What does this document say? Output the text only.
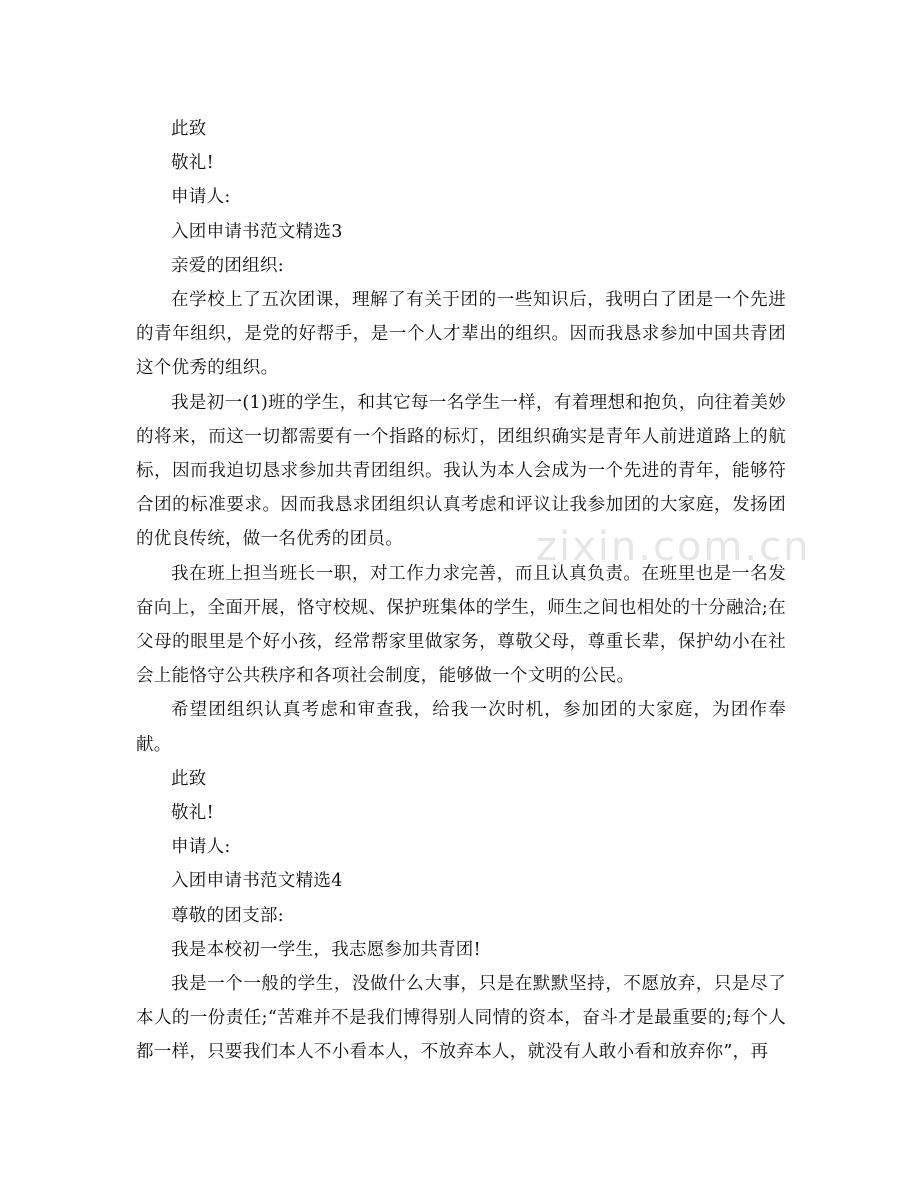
此致
敬礼!
申请人:
入团申请书范文精选3
亲爱的团组织:

在学校上了五次团课，理解了有关于团的一些知识后，我明白了团是一个先进的青年组织，是党的好帮手，是一个人才辈出的组织。因而我恳求参加中国共青团这个优秀的组织。

我是初一(1)班的学生，和其它每一名学生一样，有着理想和抱负，向往着美妙的将来，而这一切都需要有一个指路的标灯，团组织确实是青年人前进道路上的航标，因而我迫切恳求参加共青团组织。我认为本人会成为一个先进的青年，能够符合团的标准要求。因而我恳求团组织认真考虑和评议让我参加团的大家庭，发扬团的优良传统，做一名优秀的团员。

我在班上担当班长一职，对工作力求完善，而且认真负责。在班里也是一名发奋向上，全面开展，恪守校规、保护班集体的学生，师生之间也相处的十分融洽;在父母的眼里是个好小孩，经常帮家里做家务，尊敬父母，尊重长辈，保护幼小在社会上能恪守公共秩序和各项社会制度，能够做一个文明的公民。

希望团组织认真考虑和审查我，给我一次时机，参加团的大家庭，为团作奉献。

此致
敬礼!
申请人:
入团申请书范文精选4
尊敬的团支部:

我是本校初一学生，我志愿参加共青团!

我是一个一般的学生，没做什么大事，只是在默默坚持，不愿放弃，只是尽了本人的一份责任;“苦难并不是我们博得别人同情的资本，奋斗才是最重要的;每个人都一样，只要我们本人不小看本人，不放弃本人，就没有人敢小看和放弃你”，再

zixin.com.cn
